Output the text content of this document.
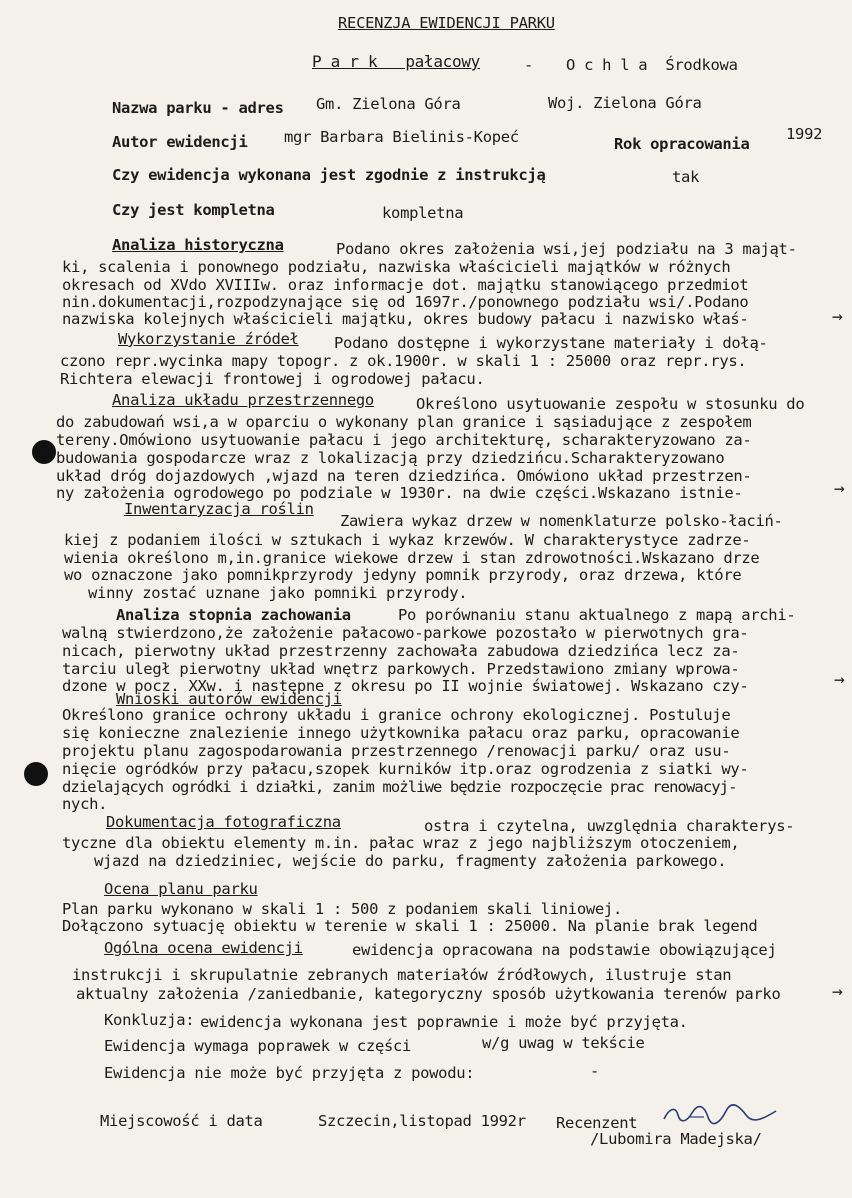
RECENZJA EWIDENCJI PARKU
P a r k   pałacowy	- O c h l a  Środkowa
Nazwa parku - adres Gm. Zielona Góra	Woj. Zielona Góra
Autor ewidencji mgr Barbara Bielinis-Kopeć	Rok opracowania
1992
Czy ewidencja wykonana jest zgodnie z instrukcją	tak
Czy jest kompletna	kompletna
Analiza historyczna	Podano okres założenia wsi,jej podziału na 3 mająt-
ki, scalenia i ponownego podziału, nazwiska właścicieli majątków w różnych
okresach od XVdo XVIIIw. oraz informacje dot. majątku stanowiącego przedmiot
nin.dokumentacji,rozpodzynające się od 1697r./ponownego podziału wsi/.Podano
nazwiska kolejnych właścicieli majątku, okres budowy pałacu i nazwisko właś-	→
Wykorzystanie źródeł Podano dostępne i wykorzystane materiały i dołą-
czono repr.wycinka mapy topogr. z ok.1900r. w skali 1 : 25000 oraz repr.rys.
Richtera elewacji frontowej i ogrodowej pałacu.
Analiza układu przestrzennego	Określono usytuowanie zespołu w stosunku do
do zabudowań wsi,a w oparciu o wykonany plan granice i sąsiadujące z zespołem
tereny.Omówiono usytuowanie pałacu i jego architekturę, scharakteryzowano za-
budowania gospodarcze wraz z lokalizacją przy dziedzińcu.Scharakteryzowano
układ dróg dojazdowych ,wjazd na teren dziedzińca. Omówiono układ przestrzen-
ny założenia ogrodowego po podziale w 1930r. na dwie części.Wskazano istnie-	→
Inwentaryzacja roślin
Zawiera wykaz drzew w nomenklaturze polsko-łaciń-
kiej z podaniem ilości w sztukach i wykaz krzewów. W charakterystyce zadrze-
wienia określono m,in.granice wiekowe drzew i stan zdrowotności.Wskazano drze
wo oznaczone jako pomnikprzyrody jedyny pomnik przyrody, oraz drzewa, które
winny zostać uznane jako pomniki przyrody.
Analiza stopnia zachowania	Po porównaniu stanu aktualnego z mapą archi-
walną stwierdzono,że założenie pałacowo-parkowe pozostało w pierwotnych gra-
nicach, pierwotny układ przestrzenny zachowała zabudowa dziedzińca lecz za-
tarciu uległ pierwotny układ wnętrz parkowych. Przedstawiono zmiany wprowa-
dzone w pocz. XXw. i następne z okresu po II wojnie światowej. Wskazano czy-	→
Wnioski autorów ewidencji
Określono granice ochrony układu i granice ochrony ekologicznej. Postuluje
się konieczne znalezienie innego użytkownika pałacu oraz parku, opracowanie
projektu planu zagospodarowania przestrzennego /renowacji parku/ oraz usu-
nięcie ogródków przy pałacu,szopek kurników itp.oraz ogrodzenia z siatki wy-
dzielających ogródki i działki, zanim możliwe będzie rozpoczęcie prac renowacyj-
nych.
Dokumentacja fotograficzna	ostra i czytelna, uwzględnia charakterys-
tyczne dla obiektu elementy m.in. pałac wraz z jego najbliższym otoczeniem,
wjazd na dziedziniec, wejście do parku, fragmenty założenia parkowego.
Ocena planu parku
Plan parku wykonano w skali 1 : 500 z podaniem skali liniowej.
Dołączono sytuację obiektu w terenie w skali 1 : 25000. Na planie brak legend
Ogólna ocena ewidencji	ewidencja opracowana na podstawie obowiązującej
instrukcji i skrupulatnie zebranych materiałów źródłowych, ilustruje stan
aktualny założenia /zaniedbanie, kategoryczny sposób użytkowania terenów parko	→
Konkluzja: ewidencja wykonana jest poprawnie i może być przyjęta.
Ewidencja wymaga poprawek w części	w/g uwag w tekście
Ewidencja nie może być przyjęta z powodu:	-
Miejscowość i data	Szczecin,listopad 1992r Recenzent
/Lubomira Madejska/
